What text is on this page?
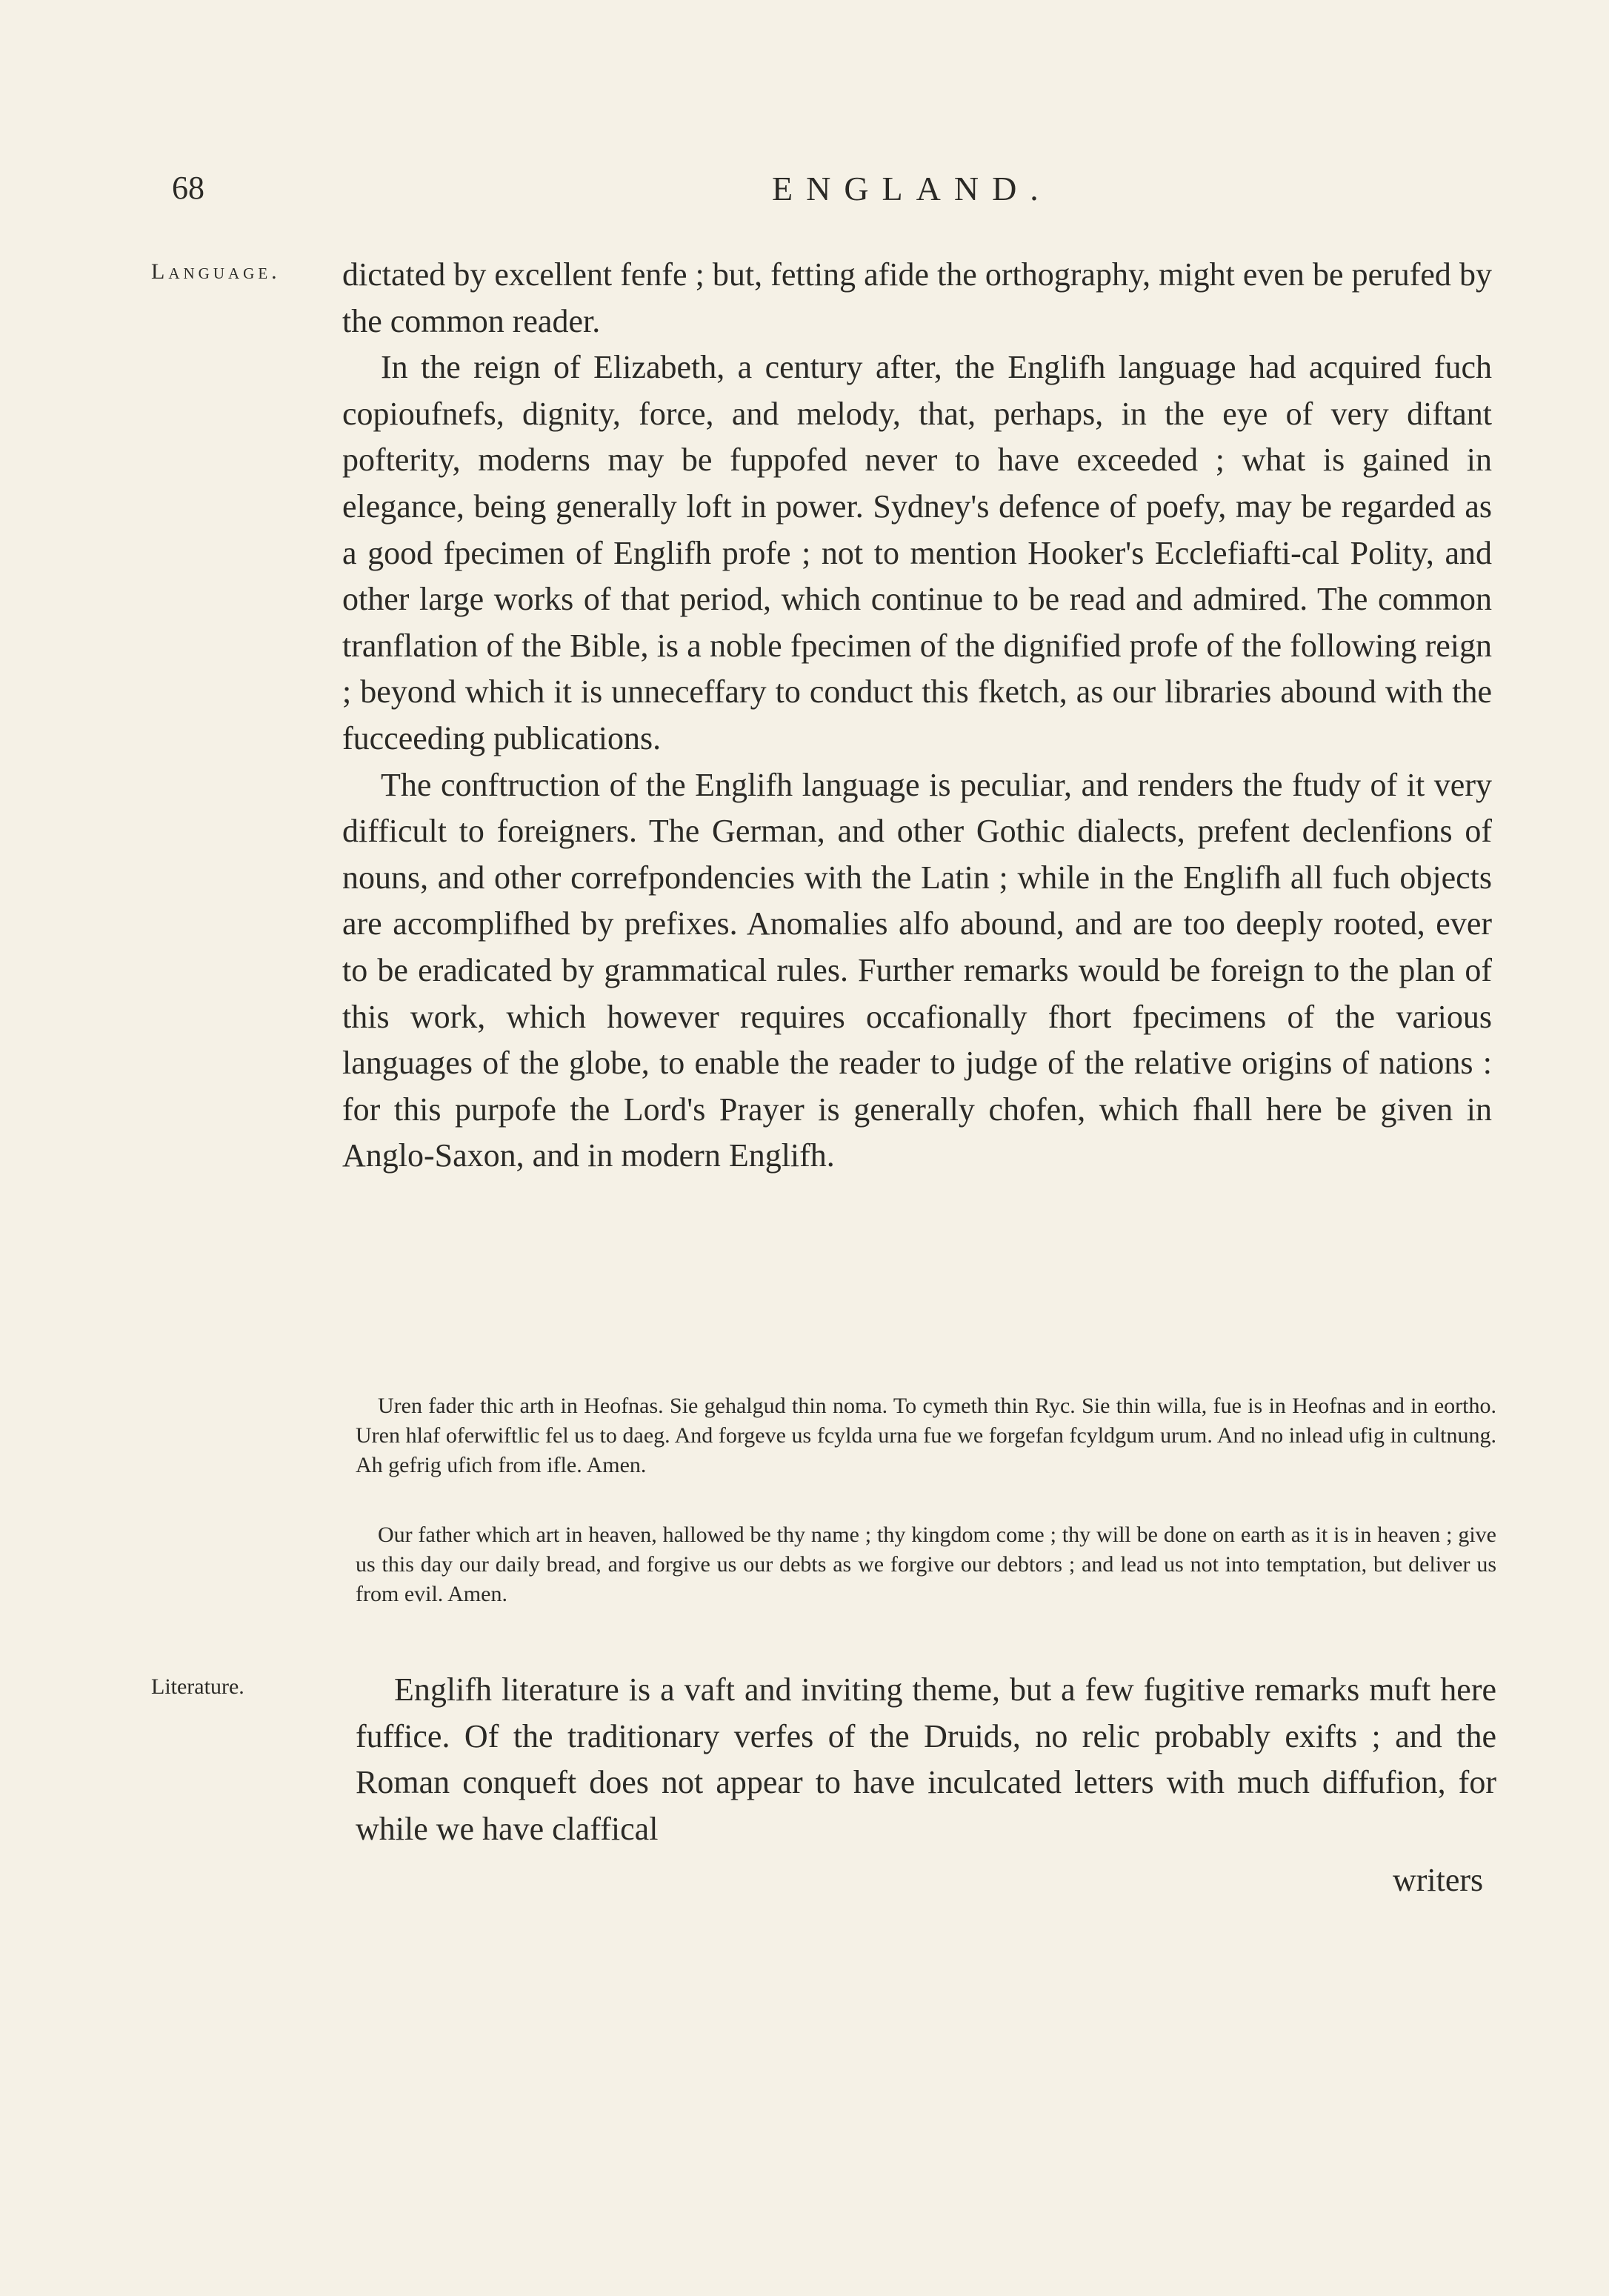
68	ENGLAND.
Language.
Literature.

dictated by excellent fenfe ; but, fetting afide the orthography, might even be perufed by the common reader.

In the reign of Elizabeth, a century after, the Englifh language had acquired fuch copioufnefs, dignity, force, and melody, that, perhaps, in the eye of very diftant pofterity, moderns may be fuppofed never to have exceeded ; what is gained in elegance, being generally loft in power. Sydney's defence of poefy, may be regarded as a good fpecimen of Englifh profe ; not to mention Hooker's Ecclefiafti-cal Polity, and other large works of that period, which continue to be read and admired. The common tranflation of the Bible, is a noble fpecimen of the dignified profe of the following reign ; beyond which it is unneceffary to conduct this fketch, as our libraries abound with the fucceeding publications.

The conftruction of the Englifh language is peculiar, and renders the ftudy of it very difficult to foreigners. The German, and other Gothic dialects, prefent declenfions of nouns, and other correfpondencies with the Latin ; while in the Englifh all fuch objects are accomplifhed by prefixes. Anomalies alfo abound, and are too deeply rooted, ever to be eradicated by grammatical rules. Further remarks would be foreign to the plan of this work, which however requires occafionally fhort fpecimens of the various languages of the globe, to enable the reader to judge of the relative origins of nations : for this purpofe the Lord's Prayer is generally chofen, which fhall here be given in Anglo-Saxon, and in modern Englifh.

Uren fader thic arth in Heofnas. Sie gehalgud thin noma. To cymeth thin Ryc. Sie thin willa, fue is in Heofnas and in eortho. Uren hlaf oferwiftlic fel us to daeg. And forgeve us fcylda urna fue we forgefan fcyldgum urum. And no inlead ufig in cultnung. Ah gefrig ufich from ifle. Amen.

Our father which art in heaven, hallowed be thy name ; thy kingdom come ; thy will be done on earth as it is in heaven ; give us this day our daily bread, and forgive us our debts as we forgive our debtors ; and lead us not into temptation, but deliver us from evil. Amen.

Englifh literature is a vaft and inviting theme, but a few fugitive remarks muft here fuffice. Of the traditionary verfes of the Druids, no relic probably exifts ; and the Roman conqueft does not appear to have inculcated letters with much diffufion, for while we have claffical

writers
